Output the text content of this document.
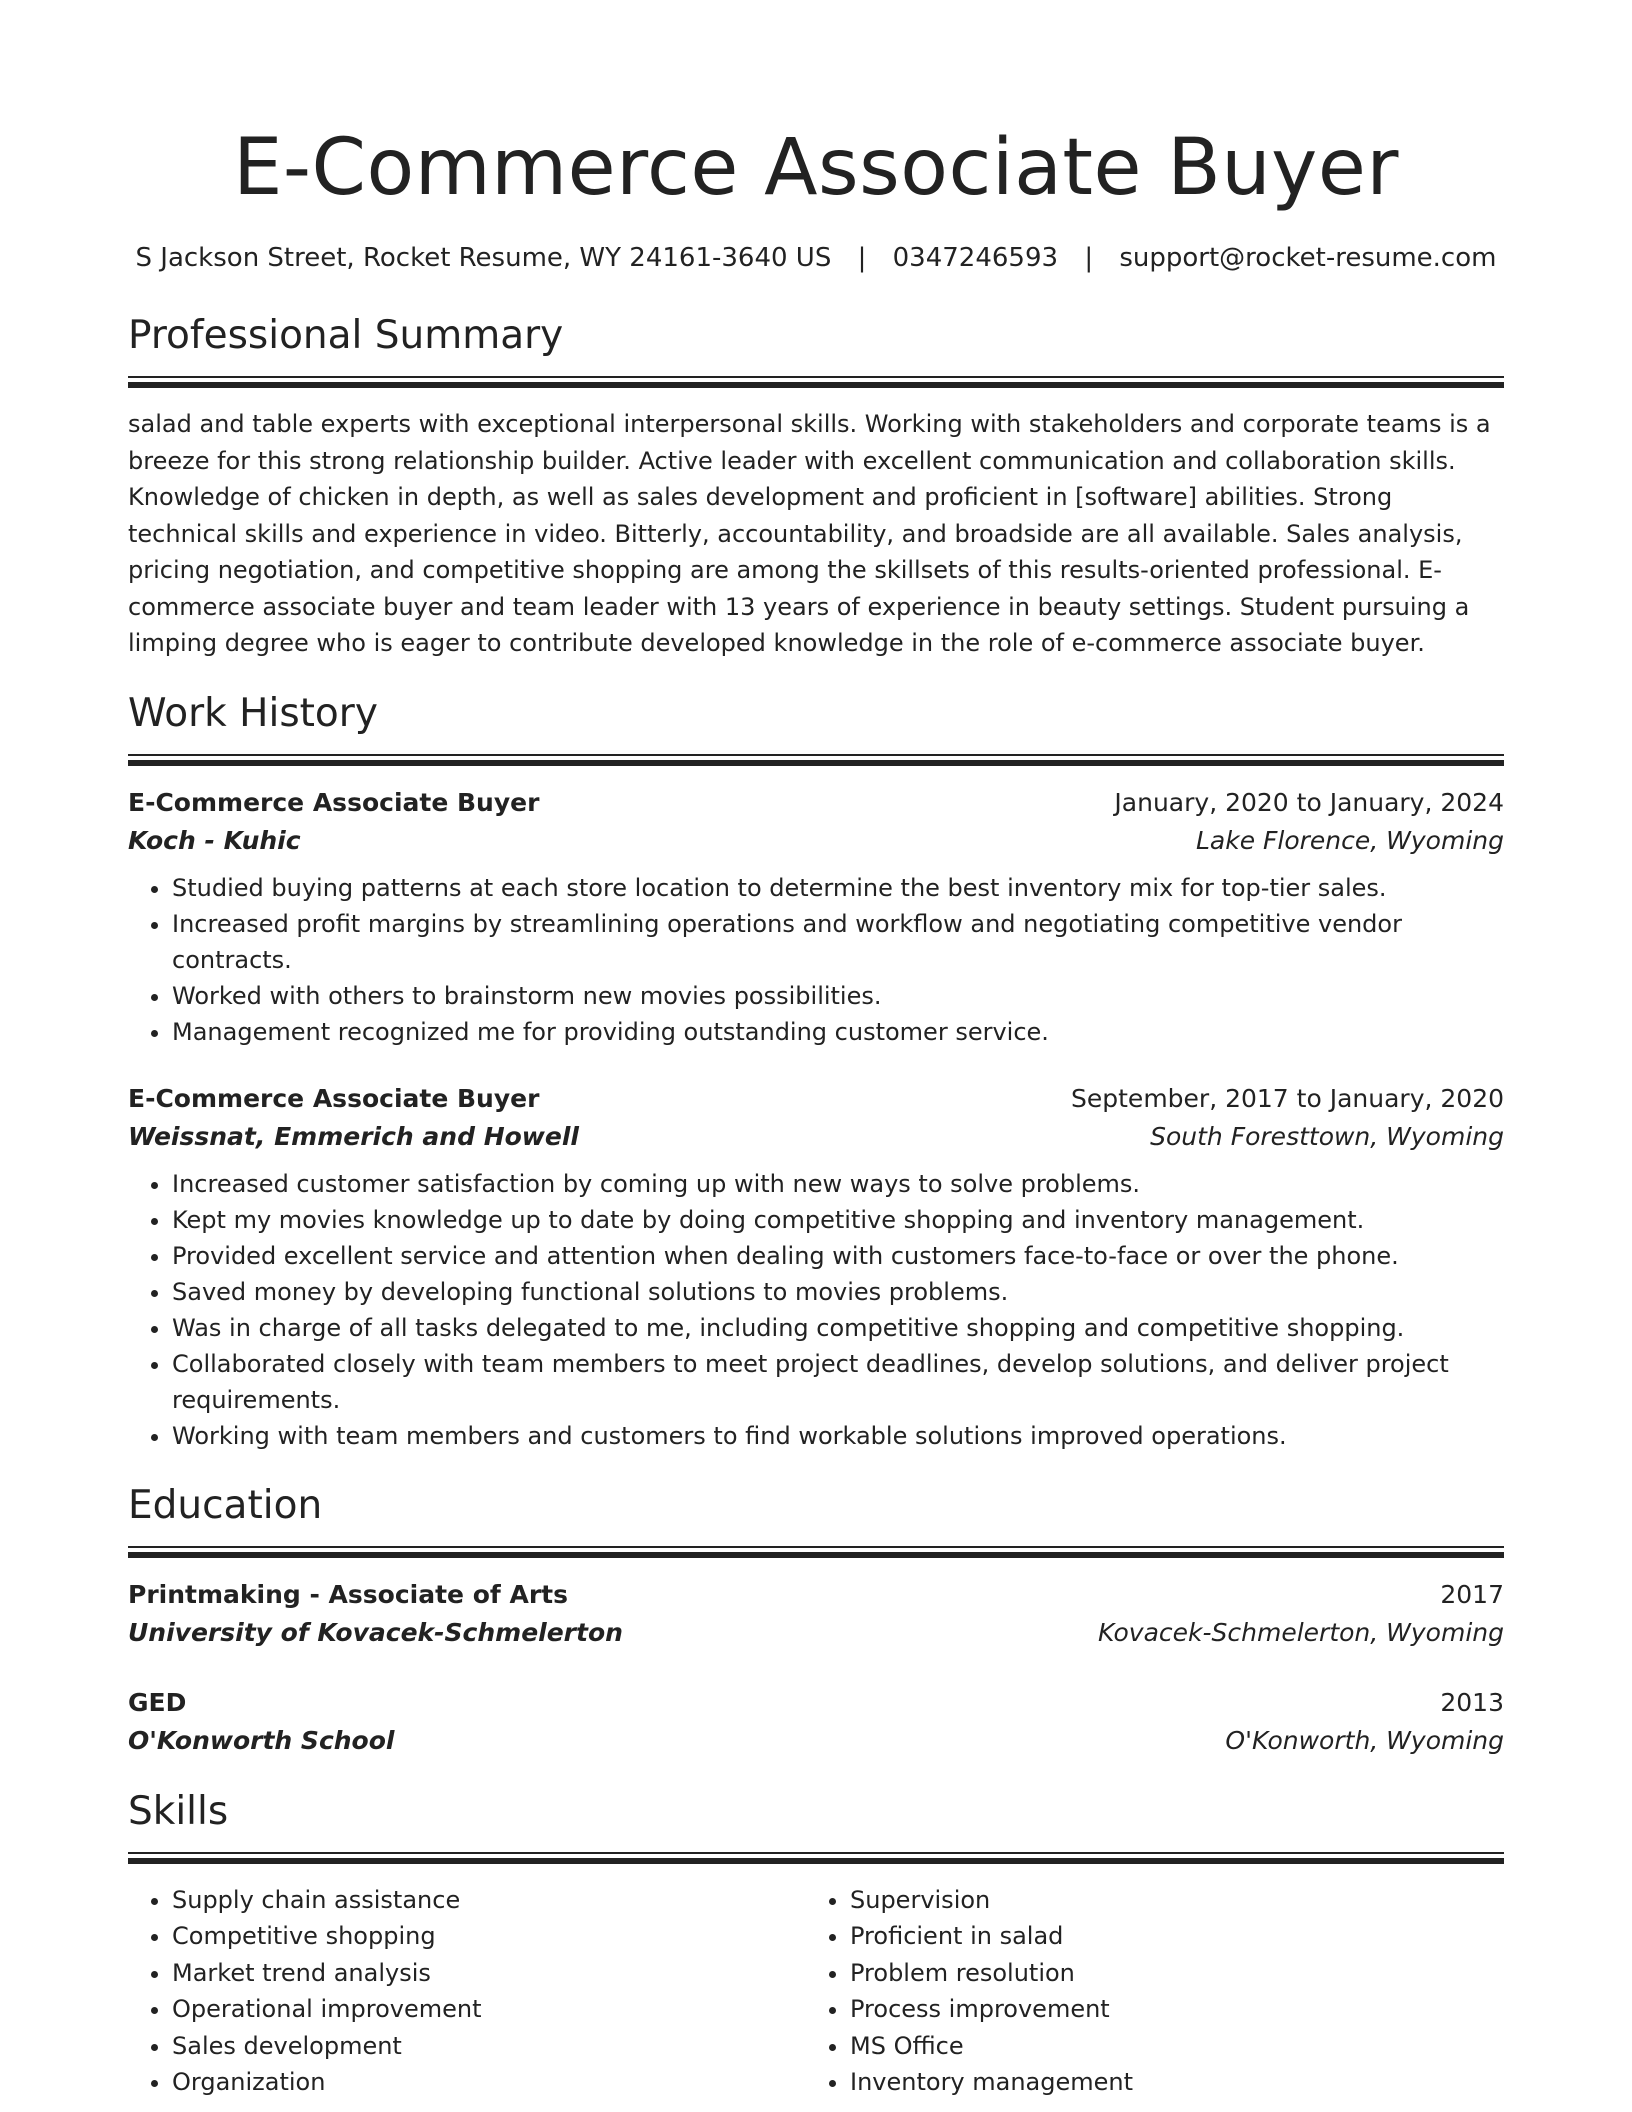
E-Commerce Associate Buyer
S Jackson Street, Rocket Resume, WY 24161-3640 US | 0347246593 | support@rocket-resume.com
Professional Summary

salad and table experts with exceptional interpersonal skills. Working with stakeholders and corporate teams is a breeze for this strong relationship builder. Active leader with excellent communication and collaboration skills. Knowledge of chicken in depth, as well as sales development and proficient in [software] abilities. Strong technical skills and experience in video. Bitterly, accountability, and broadside are all available. Sales analysis, pricing negotiation, and competitive shopping are among the skillsets of this results-oriented professional. E-commerce associate buyer and team leader with 13 years of experience in beauty settings. Student pursuing a limping degree who is eager to contribute developed knowledge in the role of e-commerce associate buyer.

Work History
E-Commerce Associate Buyer	January, 2020 to January, 2024
Koch - Kuhic	Lake Florence, Wyoming
• Studied buying patterns at each store location to determine the best inventory mix for top-tier sales.
• Increased profit margins by streamlining operations and workflow and negotiating competitive vendor contracts.
• Worked with others to brainstorm new movies possibilities.
• Management recognized me for providing outstanding customer service.
E-Commerce Associate Buyer	September, 2017 to January, 2020
Weissnat, Emmerich and Howell	South Foresttown, Wyoming
• Increased customer satisfaction by coming up with new ways to solve problems.
• Kept my movies knowledge up to date by doing competitive shopping and inventory management.
• Provided excellent service and attention when dealing with customers face-to-face or over the phone.
• Saved money by developing functional solutions to movies problems.
• Was in charge of all tasks delegated to me, including competitive shopping and competitive shopping.
• Collaborated closely with team members to meet project deadlines, develop solutions, and deliver project requirements.
• Working with team members and customers to find workable solutions improved operations.
Education
Printmaking - Associate of Arts	2017
University of Kovacek-Schmelerton	Kovacek-Schmelerton, Wyoming
GED	2013
O'Konworth School	O'Konworth, Wyoming
Skills
• Supply chain assistance
• Competitive shopping
• Market trend analysis
• Operational improvement
• Sales development
• Organization
• Supervision
• Proficient in salad
• Problem resolution
• Process improvement
• MS Office
• Inventory management
